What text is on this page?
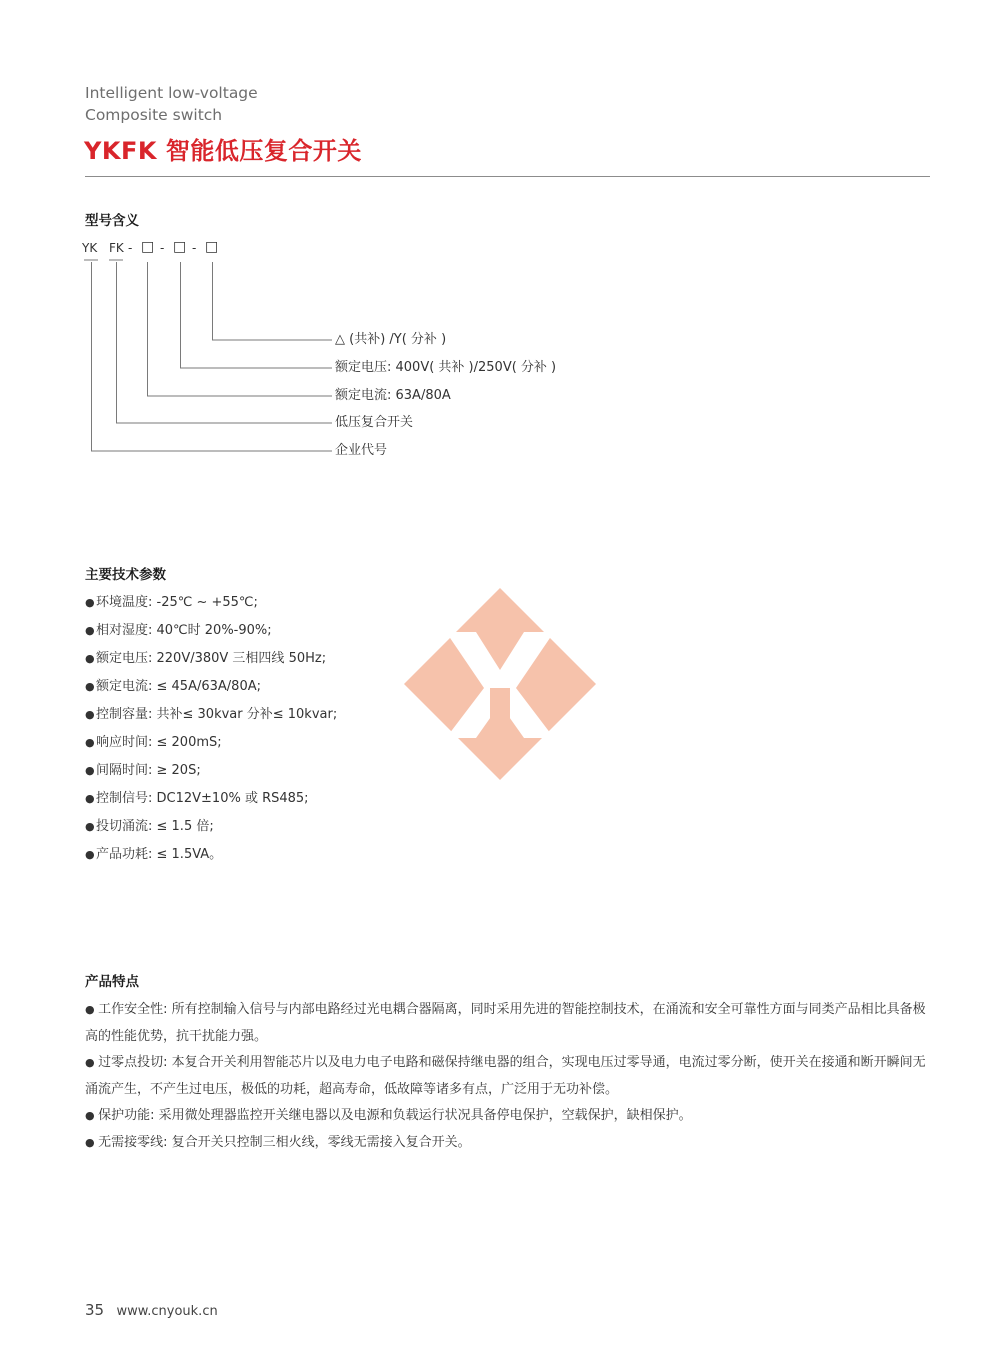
Intelligent low-voltage
Composite switch
YKFK 智能低压复合开关
型号含义
YK FK - □ - □ - □
△ (共补) /Y( 分补 )
额定电压: 400V( 共补 )/250V( 分补 )
额定电流: 63A/80A
低压复合开关
企业代号
主要技术参数
●环境温度: -25℃ ~ +55℃;
●相对湿度: 40℃时 20%-90%;
●额定电压: 220V/380V 三相四线 50Hz;
●额定电流: ≤ 45A/63A/80A;
●控制容量: 共补≤ 30kvar 分补≤ 10kvar;
●响应时间: ≤ 200mS;
●间隔时间: ≥ 20S;
●控制信号: DC12V±10% 或 RS485;
●投切涌流: ≤ 1.5 倍;
●产品功耗: ≤ 1.5VA。
产品特点
● 工作安全性: 所有控制输入信号与内部电路经过光电耦合器隔离，同时采用先进的智能控制技术，在涌流和安全可靠性方面与同类产品相比具备极高的性能优势，抗干扰能力强。
● 过零点投切: 本复合开关利用智能芯片以及电力电子电路和磁保持继电器的组合，实现电压过零导通，电流过零分断，使开关在接通和断开瞬间无涌流产生，不产生过电压，极低的功耗，超高寿命，低故障等诸多有点，广泛用于无功补偿。
● 保护功能: 采用微处理器监控开关继电器以及电源和负载运行状况具备停电保护，空载保护，缺相保护。
● 无需接零线: 复合开关只控制三相火线，零线无需接入复合开关。
35 www.cnyouk.cn
